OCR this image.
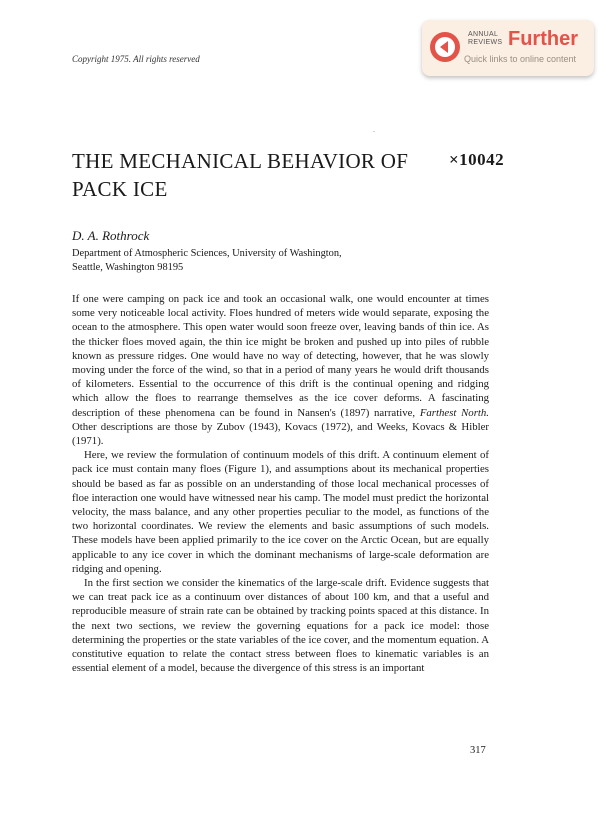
Copyright 1975. All rights reserved
ANNUAL
REVIEWS Further
Quick links to online content
.
THE MECHANICAL BEHAVIOR OF PACK ICE
×10042
D. A. Rothrock
Department of Atmospheric Sciences, University of Washington,
Seattle, Washington 98195

If one were camping on pack ice and took an occasional walk, one would encounter at times some very noticeable local activity. Floes hundred of meters wide would separate, exposing the ocean to the atmosphere. This open water would soon freeze over, leaving bands of thin ice. As the thicker floes moved again, the thin ice might be broken and pushed up into piles of rubble known as pressure ridges. One would have no way of detecting, however, that he was slowly moving under the force of the wind, so that in a period of many years he would drift thousands of kilometers. Essential to the occurrence of this drift is the continual opening and ridging which allow the floes to rearrange themselves as the ice cover deforms. A fascinating description of these phenomena can be found in Nansen's (1897) narrative, Farthest North. Other descriptions are those by Zubov (1943), Kovacs (1972), and Weeks, Kovacs & Hibler (1971).

Here, we review the formulation of continuum models of this drift. A continuum element of pack ice must contain many floes (Figure 1), and assumptions about its mechanical properties should be based as far as possible on an understanding of those local mechanical processes of floe interaction one would have witnessed near his camp. The model must predict the horizontal velocity, the mass balance, and any other properties peculiar to the model, as functions of the two horizontal coordinates. We review the elements and basic assumptions of such models. These models have been applied primarily to the ice cover on the Arctic Ocean, but are equally applicable to any ice cover in which the dominant mechanisms of large-scale deformation are ridging and opening.

In the first section we consider the kinematics of the large-scale drift. Evidence suggests that we can treat pack ice as a continuum over distances of about 100 km, and that a useful and reproducible measure of strain rate can be obtained by tracking points spaced at this distance. In the next two sections, we review the governing equations for a pack ice model: those determining the properties or the state variables of the ice cover, and the momentum equation. A constitutive equation to relate the contact stress between floes to kinematic variables is an essential element of a model, because the divergence of this stress is an important

317
